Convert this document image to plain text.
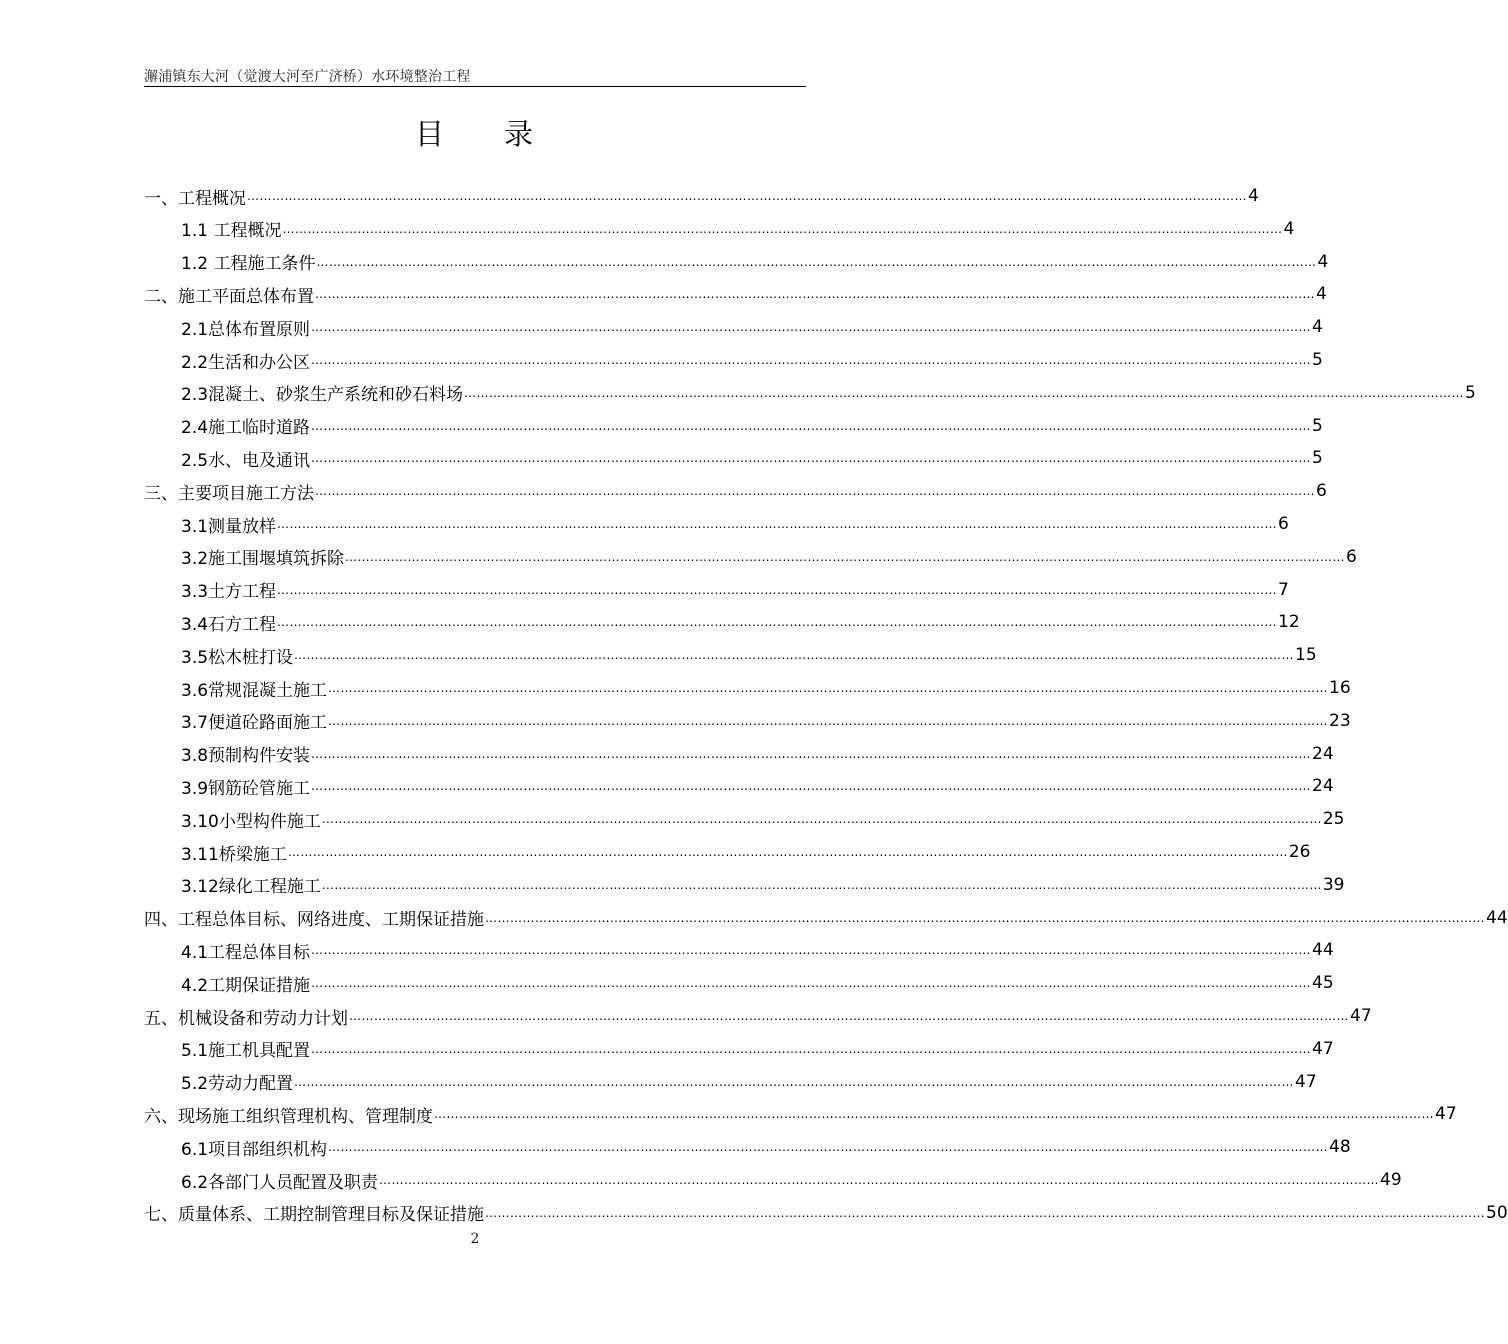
澥浦镇东大河（觉渡大河至广济桥）水环境整治工程
目 录
一、工程概况 …………………………………………………………………………………………………………………………………………………………………………………………………………………… 4
1.1 工程概况 …………………………………………………………………………………………………………………………………………………………………………………………………………………… 4
1.2 工程施工条件 …………………………………………………………………………………………………………………………………………………………………………………………………………………… 4
二、施工平面总体布置 …………………………………………………………………………………………………………………………………………………………………………………………………………………… 4
2.1总体布置原则 …………………………………………………………………………………………………………………………………………………………………………………………………………………… 4
2.2生活和办公区 …………………………………………………………………………………………………………………………………………………………………………………………………………………… 5
2.3混凝土、砂浆生产系统和砂石料场 …………………………………………………………………………………………………………………………………………………………………………………………………………………… 5
2.4施工临时道路 …………………………………………………………………………………………………………………………………………………………………………………………………………………… 5
2.5水、电及通讯 …………………………………………………………………………………………………………………………………………………………………………………………………………………… 5
三、主要项目施工方法 …………………………………………………………………………………………………………………………………………………………………………………………………………………… 6
3.1测量放样 …………………………………………………………………………………………………………………………………………………………………………………………………………………… 6
3.2施工围堰填筑拆除 …………………………………………………………………………………………………………………………………………………………………………………………………………………… 6
3.3土方工程 …………………………………………………………………………………………………………………………………………………………………………………………………………………… 7
3.4石方工程 …………………………………………………………………………………………………………………………………………………………………………………………………………………… 12
3.5松木桩打设 …………………………………………………………………………………………………………………………………………………………………………………………………………………… 15
3.6常规混凝土施工 …………………………………………………………………………………………………………………………………………………………………………………………………………………… 16
3.7便道砼路面施工 …………………………………………………………………………………………………………………………………………………………………………………………………………………… 23
3.8预制构件安装 …………………………………………………………………………………………………………………………………………………………………………………………………………………… 24
3.9钢筋砼管施工 …………………………………………………………………………………………………………………………………………………………………………………………………………………… 24
3.10小型构件施工 …………………………………………………………………………………………………………………………………………………………………………………………………………………… 25
3.11桥梁施工 …………………………………………………………………………………………………………………………………………………………………………………………………………………… 26
3.12绿化工程施工 …………………………………………………………………………………………………………………………………………………………………………………………………………………… 39
四、工程总体目标、网络进度、工期保证措施 …………………………………………………………………………………………………………………………………………………………………………………………………………………… 44
4.1工程总体目标 …………………………………………………………………………………………………………………………………………………………………………………………………………………… 44
4.2工期保证措施 …………………………………………………………………………………………………………………………………………………………………………………………………………………… 45
五、机械设备和劳动力计划 …………………………………………………………………………………………………………………………………………………………………………………………………………………… 47
5.1施工机具配置 …………………………………………………………………………………………………………………………………………………………………………………………………………………… 47
5.2劳动力配置 …………………………………………………………………………………………………………………………………………………………………………………………………………………… 47
六、现场施工组织管理机构、管理制度 …………………………………………………………………………………………………………………………………………………………………………………………………………………… 47
6.1项目部组织机构 …………………………………………………………………………………………………………………………………………………………………………………………………………………… 48
6.2各部门人员配置及职责 …………………………………………………………………………………………………………………………………………………………………………………………………………………… 49
七、质量体系、工期控制管理目标及保证措施 …………………………………………………………………………………………………………………………………………………………………………………………………………………… 50
2
